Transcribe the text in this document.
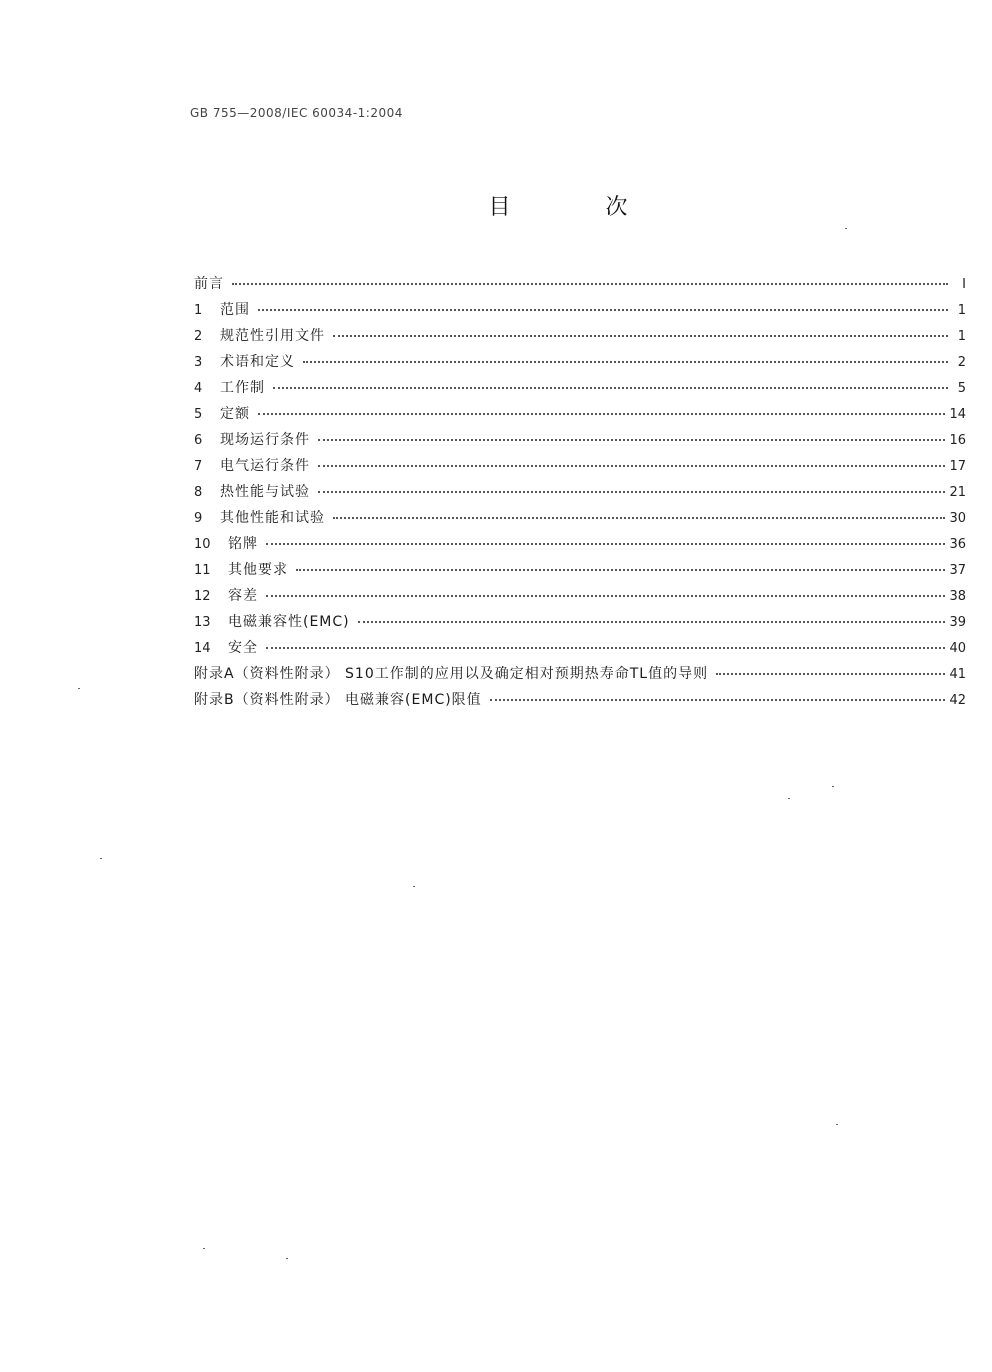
GB 755—2008/IEC 60034-1:2004
目 次
前言	I
1	范围	1
2	规范性引用文件	1
3	术语和定义	2
4	工作制	5
5	定额	14
6	现场运行条件	16
7	电气运行条件	17
8	热性能与试验	21
9	其他性能和试验	30
10	铭牌	36
11	其他要求	37
12	容差	38
13	电磁兼容性(EMC)	39
14	安全	40
附录A（资料性附录） S10工作制的应用以及确定相对预期热寿命TL值的导则	41
附录B（资料性附录） 电磁兼容(EMC)限值	42
